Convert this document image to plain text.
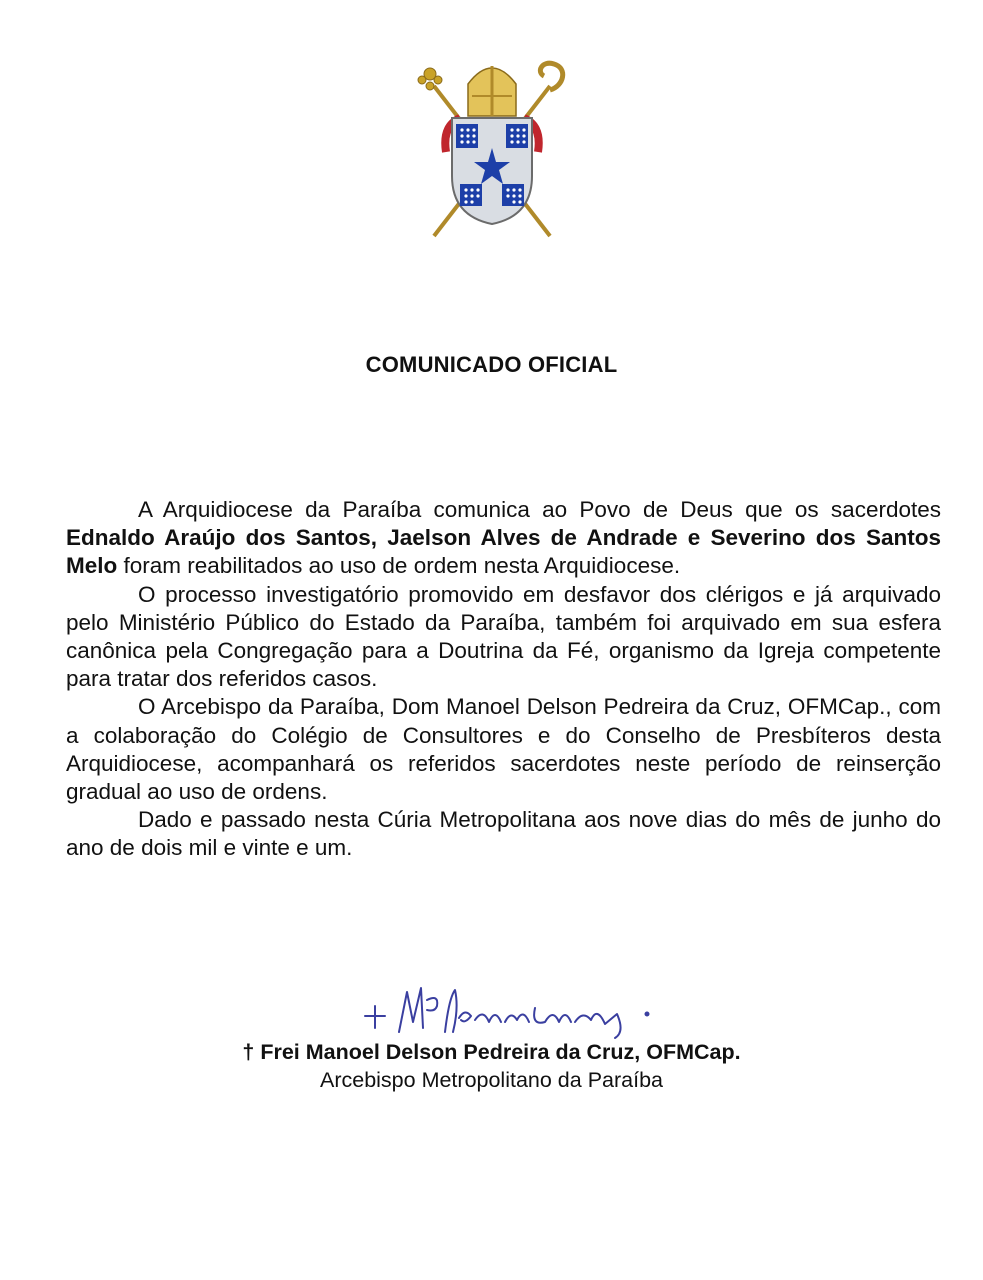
COMUNICADO OFICIAL

A Arquidiocese da Paraíba comunica ao Povo de Deus que os sacerdotes Ednaldo Araújo dos Santos, Jaelson Alves de Andrade e Severino dos Santos Melo foram reabilitados ao uso de ordem nesta Arquidiocese.

O processo investigatório promovido em desfavor dos clérigos e já arquivado pelo Ministério Público do Estado da Paraíba, também foi arquivado em sua esfera canônica pela Congregação para a Doutrina da Fé, organismo da Igreja competente para tratar dos referidos casos.

O Arcebispo da Paraíba, Dom Manoel Delson Pedreira da Cruz, OFMCap., com a colaboração do Colégio de Consultores e do Conselho de Presbíteros desta Arquidiocese, acompanhará os referidos sacerdotes neste período de reinserção gradual ao uso de ordens.

Dado e passado nesta Cúria Metropolitana aos nove dias do mês de junho do ano de dois mil e vinte e um.

† Frei Manoel Delson Pedreira da Cruz, OFMCap.
Arcebispo Metropolitano da Paraíba
